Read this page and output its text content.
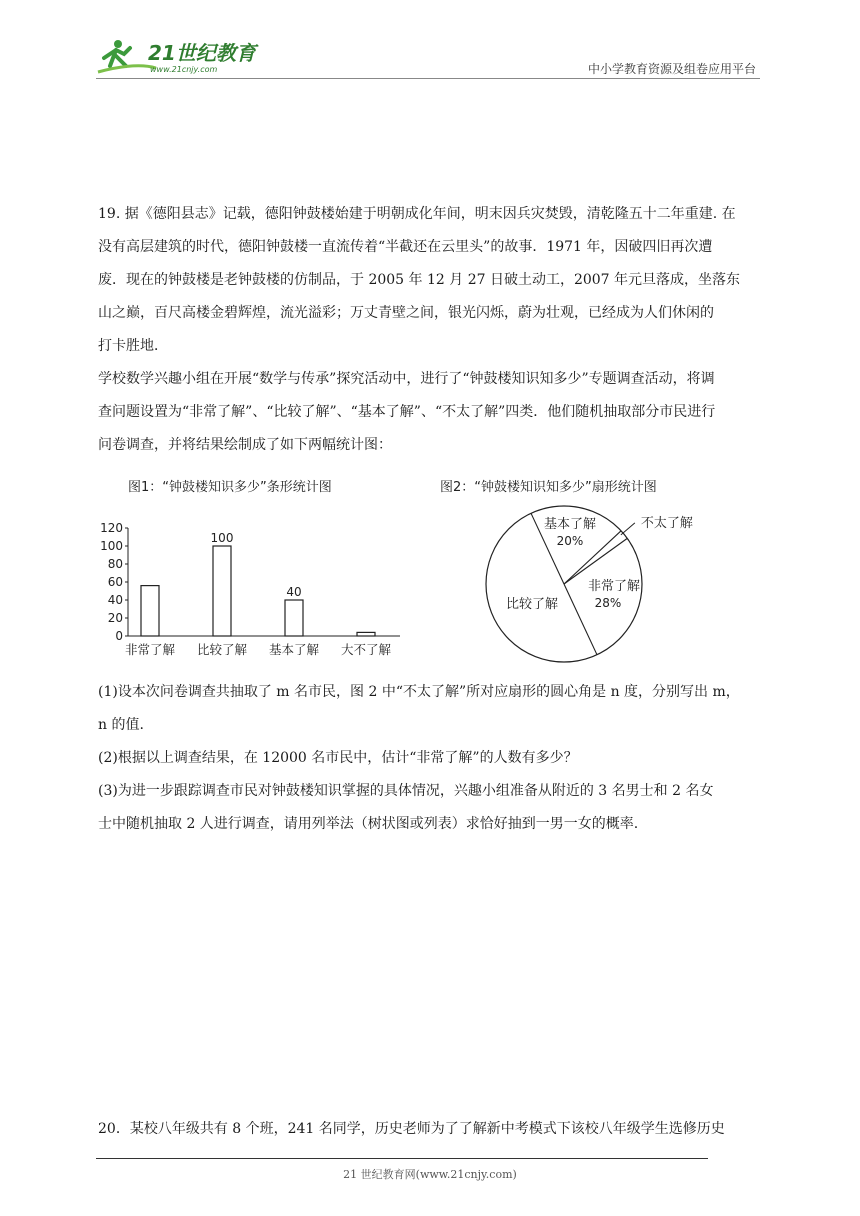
21世纪教育
www.21cnjy.com	中小学教育资源及组卷应用平台

19. 据《德阳县志》记载，德阳钟鼓楼始建于明朝成化年间，明末因兵灾焚毁，清乾隆五十二年重建. 在

没有高层建筑的时代，德阳钟鼓楼一直流传着“半截还在云里头”的故事．1971 年，因破四旧再次遭

废．现在的钟鼓楼是老钟鼓楼的仿制品，于 2005 年 12 月 27 日破土动工，2007 年元旦落成，坐落东

山之巅，百尺高楼金碧辉煌，流光溢彩；万丈青壁之间，银光闪烁，蔚为壮观，已经成为人们休闲的

打卡胜地．

学校数学兴趣小组在开展“数学与传承”探究活动中，进行了“钟鼓楼知识知多少”专题调查活动，将调

查问题设置为“非常了解”、“比较了解”、“基本了解”、“不太了解”四类．他们随机抽取部分市民进行

问卷调查，并将结果绘制成了如下两幅统计图：

图1：“钟鼓楼知识多少”条形统计图	图2：“钟鼓楼知识知多少”扇形统计图
0
20
40
60
80
100
120
非常了解
100
比较了解
40
基本了解 大不了解
基本了解
20%
非常了解
28%
比较了解
不太了解

(1)设本次问卷调查共抽取了 m 名市民，图 2 中“不太了解”所对应扇形的圆心角是 n 度，分别写出 m，

n 的值.

(2)根据以上调查结果，在 12000 名市民中，估计“非常了解”的人数有多少？

(3)为进一步跟踪调查市民对钟鼓楼知识掌握的具体情况，兴趣小组准备从附近的 3 名男士和 2 名女

士中随机抽取 2 人进行调查，请用列举法（树状图或列表）求恰好抽到一男一女的概率.

20．某校八年级共有 8 个班，241 名同学，历史老师为了了解新中考模式下该校八年级学生选修历史

21 世纪教育网(www.21cnjy.com)
